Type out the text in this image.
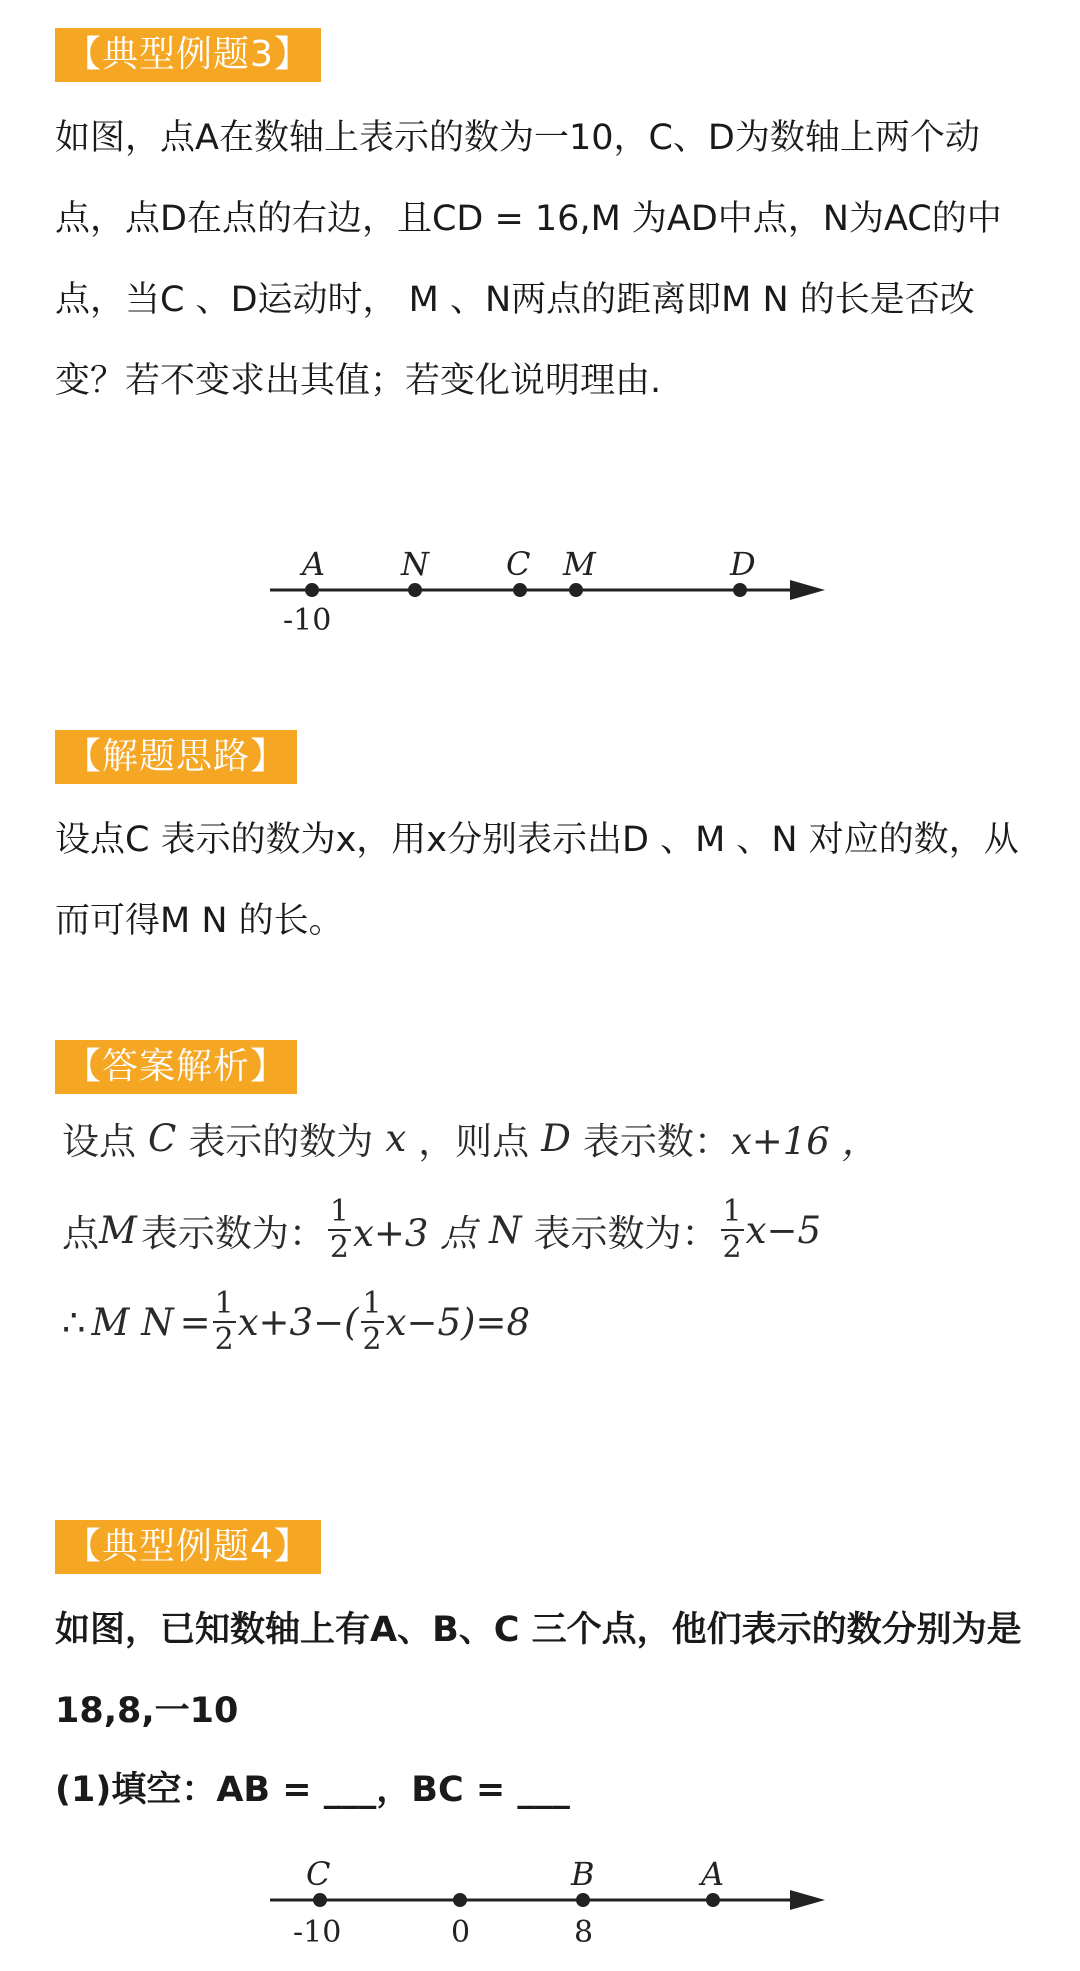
【典型例题3】

如图，点A在数轴上表示的数为一10，C、D为数轴上两个动点，点D在点的右边，且CD = 16,M 为AD中点，N为AC的中点，当C 、D运动时， M 、N两点的距离即M N 的长是否改变？若不变求出其值；若变化说明理由.

A N C M	D
-10
【解题思路】

设点C 表示的数为x，用x分别表示出D 、M 、N 对应的数，从而可得M N 的长。

【答案解析】
设点 C 表示的数为 x ，则点 D 表示数： x+16 ，
点 M 表示数为： $\frac{1}{2} x+3$ 点 N 表示数为： $\frac{1}{2} x-5$
∴ M $N = \frac{1}{2} x+3-( \frac{1}{2} x-5)=8$
【典型例题4】

如图，已知数轴上有A、B、C 三个点，他们表示的数分别为是18,8,一10

(1)填空：AB = ___，BC = ___

C	B	A
-10	0	8
